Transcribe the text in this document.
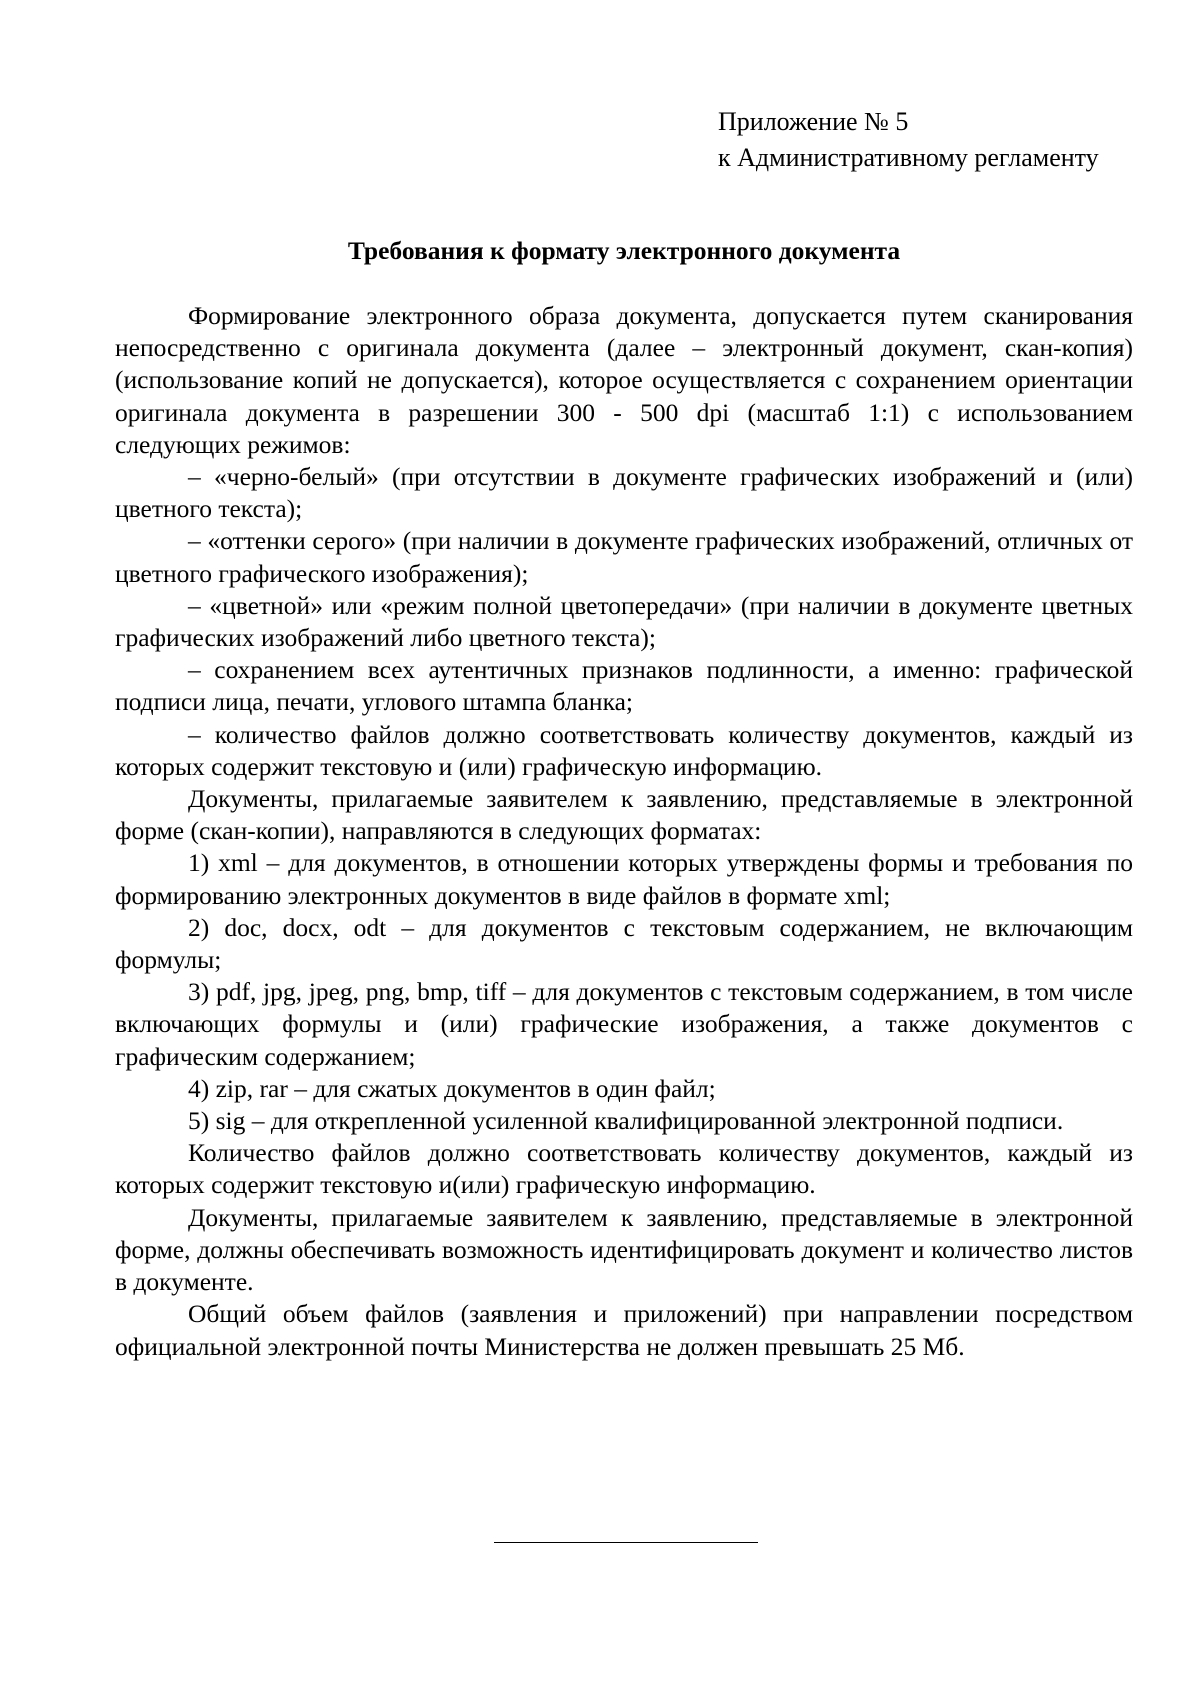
Приложение № 5
к Административному регламенту
Требования к формату электронного документа

Формирование электронного образа документа, допускается путем сканирования непосредственно с оригинала документа (далее – электронный документ, скан-копия) (использование копий не допускается), которое осуществляется с сохранением ориентации оригинала документа в разрешении 300 - 500 dpi (масштаб 1:1) с использованием следующих режимов:

– «черно-белый» (при отсутствии в документе графических изображений и (или) цветного текста);

– «оттенки серого» (при наличии в документе графических изображений, отличных от цветного графического изображения);

– «цветной» или «режим полной цветопередачи» (при наличии в документе цветных графических изображений либо цветного текста);

– сохранением всех аутентичных признаков подлинности, а именно: графической подписи лица, печати, углового штампа бланка;

– количество файлов должно соответствовать количеству документов, каждый из которых содержит текстовую и (или) графическую информацию.

Документы, прилагаемые заявителем к заявлению, представляемые в электронной форме (скан-копии), направляются в следующих форматах:

1) xml – для документов, в отношении которых утверждены формы и требования по формированию электронных документов в виде файлов в формате xml;

2) doc, docx, odt – для документов с текстовым содержанием, не включающим формулы;

3) pdf, jpg, jpeg, png, bmp, tiff – для документов с текстовым содержанием, в том числе включающих формулы и (или) графические изображения, а также документов с графическим содержанием;

4) zip, rar – для сжатых документов в один файл;

5) sig – для открепленной усиленной квалифицированной электронной подписи.

Количество файлов должно соответствовать количеству документов, каждый из которых содержит текстовую и(или) графическую информацию.

Документы, прилагаемые заявителем к заявлению, представляемые в электронной форме, должны обеспечивать возможность идентифицировать документ и количество листов в документе.

Общий объем файлов (заявления и приложений) при направлении посредством официальной электронной почты Министерства не должен превышать 25 Мб.
